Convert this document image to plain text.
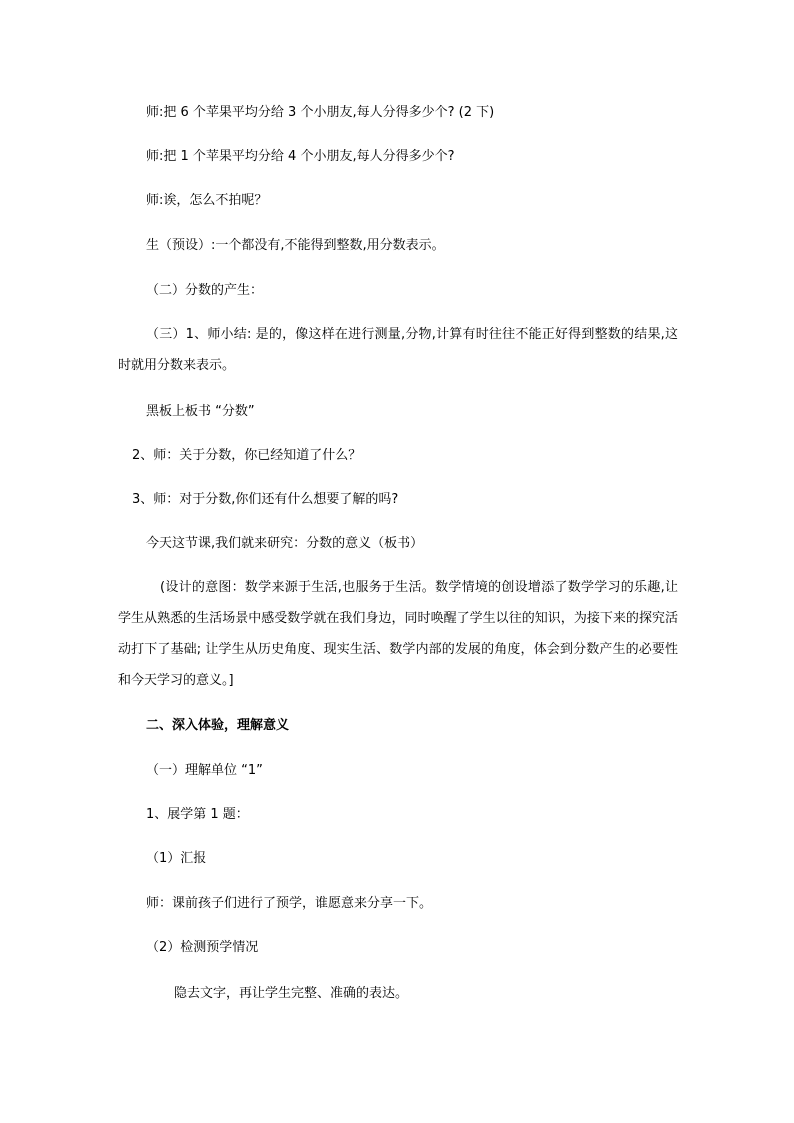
师:把 6 个苹果平均分给 3 个小朋友,每人分得多少个? (2 下)

师:把 1 个苹果平均分给 4 个小朋友,每人分得多少个?

师:诶，怎么不拍呢？

生（预设）:一个都没有,不能得到整数,用分数表示。

（二）分数的产生：

（三）1、师小结: 是的，像这样在进行测量,分物,计算有时往往不能正好得到整数的结果,这时就用分数来表示。

黑板上板书 “分数”

2、师：关于分数，你已经知道了什么？

3、师：对于分数,你们还有什么想要了解的吗?

今天这节课,我们就来研究：分数的意义（板书）

(设计的意图：数学来源于生活,也服务于生活。数学情境的创设增添了数学学习的乐趣,让学生从熟悉的生活场景中感受数学就在我们身边，同时唤醒了学生以往的知识，为接下来的探究活动打下了基础; 让学生从历史角度、现实生活、数学内部的发展的角度，体会到分数产生的必要性和今天学习的意义。]

二、深入体验，理解意义

（一）理解单位 “1”

1、展学第 1 题：

（1）汇报

师：课前孩子们进行了预学，谁愿意来分享一下。

（2）检测预学情况

隐去文字，再让学生完整、准确的表达。
